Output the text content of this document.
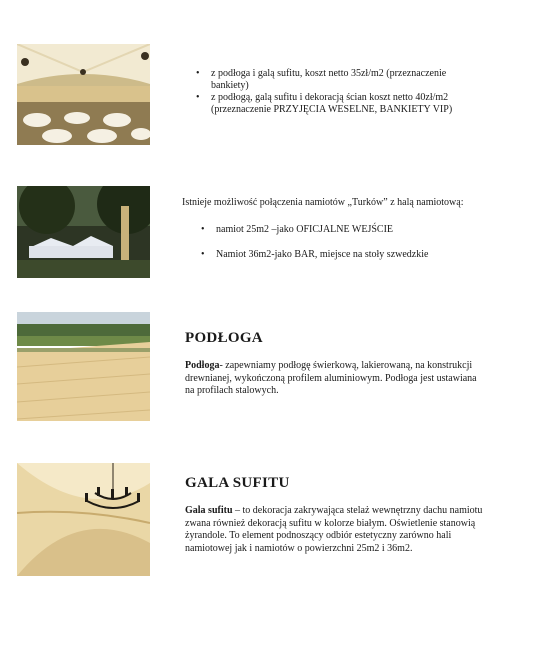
• z podłoga i galą sufitu, koszt netto 35zł/m2 (przeznaczenie bankiety)
• z podłogą, galą sufitu i dekoracją ścian koszt netto 40zł/m2 (przeznaczenie PRZYJĘCIA WESELNE, BANKIETY VIP)
Istnieje możliwość połączenia namiotów „Turków” z halą namiotową:
• namiot 25m2 –jako OFICJALNE WEJŚCIE
• Namiot 36m2-jako BAR, miejsce na stoły szwedzkie
PODŁOGA
Podłoga- zapewniamy podłogę świerkową, lakierowaną, na konstrukcji drewnianej, wykończoną profilem aluminiowym. Podłoga jest ustawiana na profilach stalowych.
GALA SUFITU
Gala sufitu – to dekoracja zakrywająca stelaż wewnętrzny dachu namiotu zwana również dekoracją sufitu w kolorze białym. Oświetlenie stanowią żyrandole. To element podnoszący odbiór estetyczny zarówno hali namiotowej jak i namiotów o powierzchni 25m2 i 36m2.
